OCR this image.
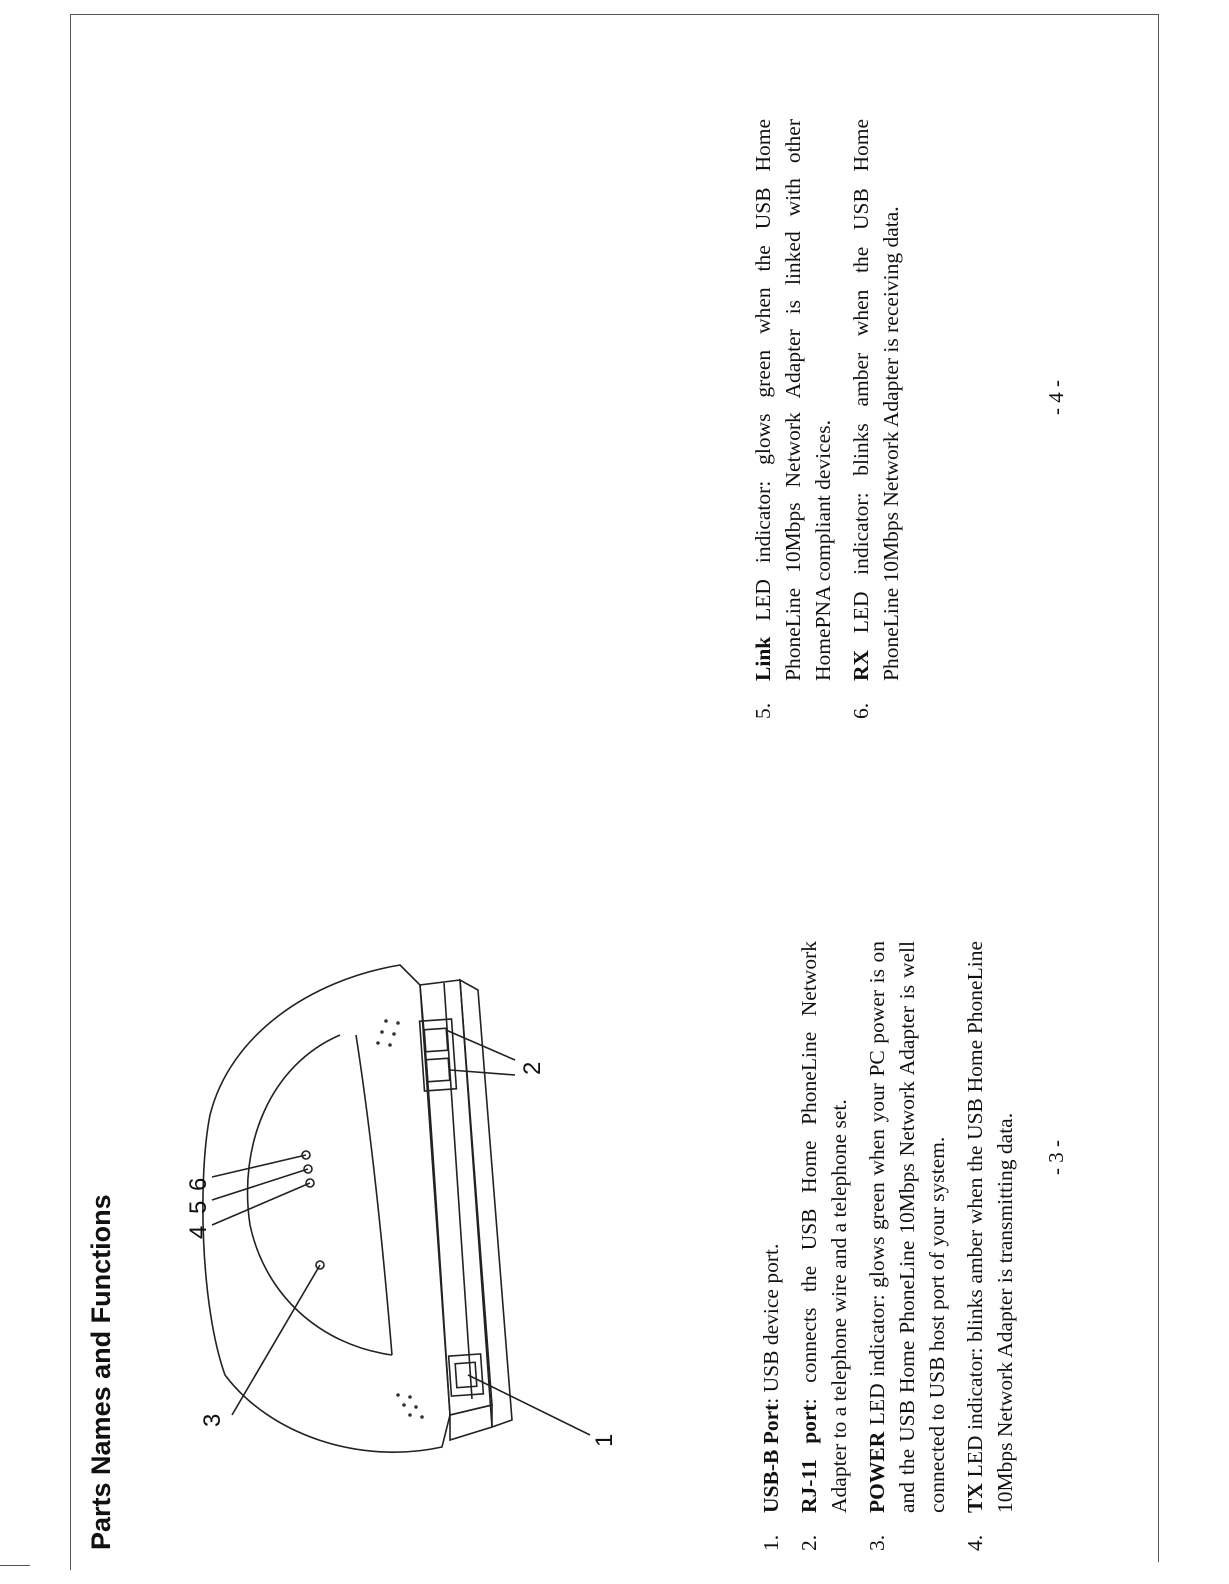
Parts Names and Functions	1
2
3
4
5
6
1.
USB-B Port: USB device port.
2.
RJ-11 port: connects the USB Home PhoneLine Network Adapter to a telephone wire and a telephone set.
3.
POWER LED indicator: glows green when your PC power is on and the USB Home PhoneLine 10Mbps Network Adapter is well connected to USB host port of your system.
4.
TX LED indicator: blinks amber when the USB Home PhoneLine 10Mbps Network Adapter is transmitting data.
5.
Link LED indicator: glows green when the USB Home PhoneLine 10Mbps Network Adapter is linked with other HomePNA compliant devices.
6.
RX LED indicator: blinks amber when the USB Home PhoneLine 10Mbps Network Adapter is receiving data.
- 3 -
- 4 -
